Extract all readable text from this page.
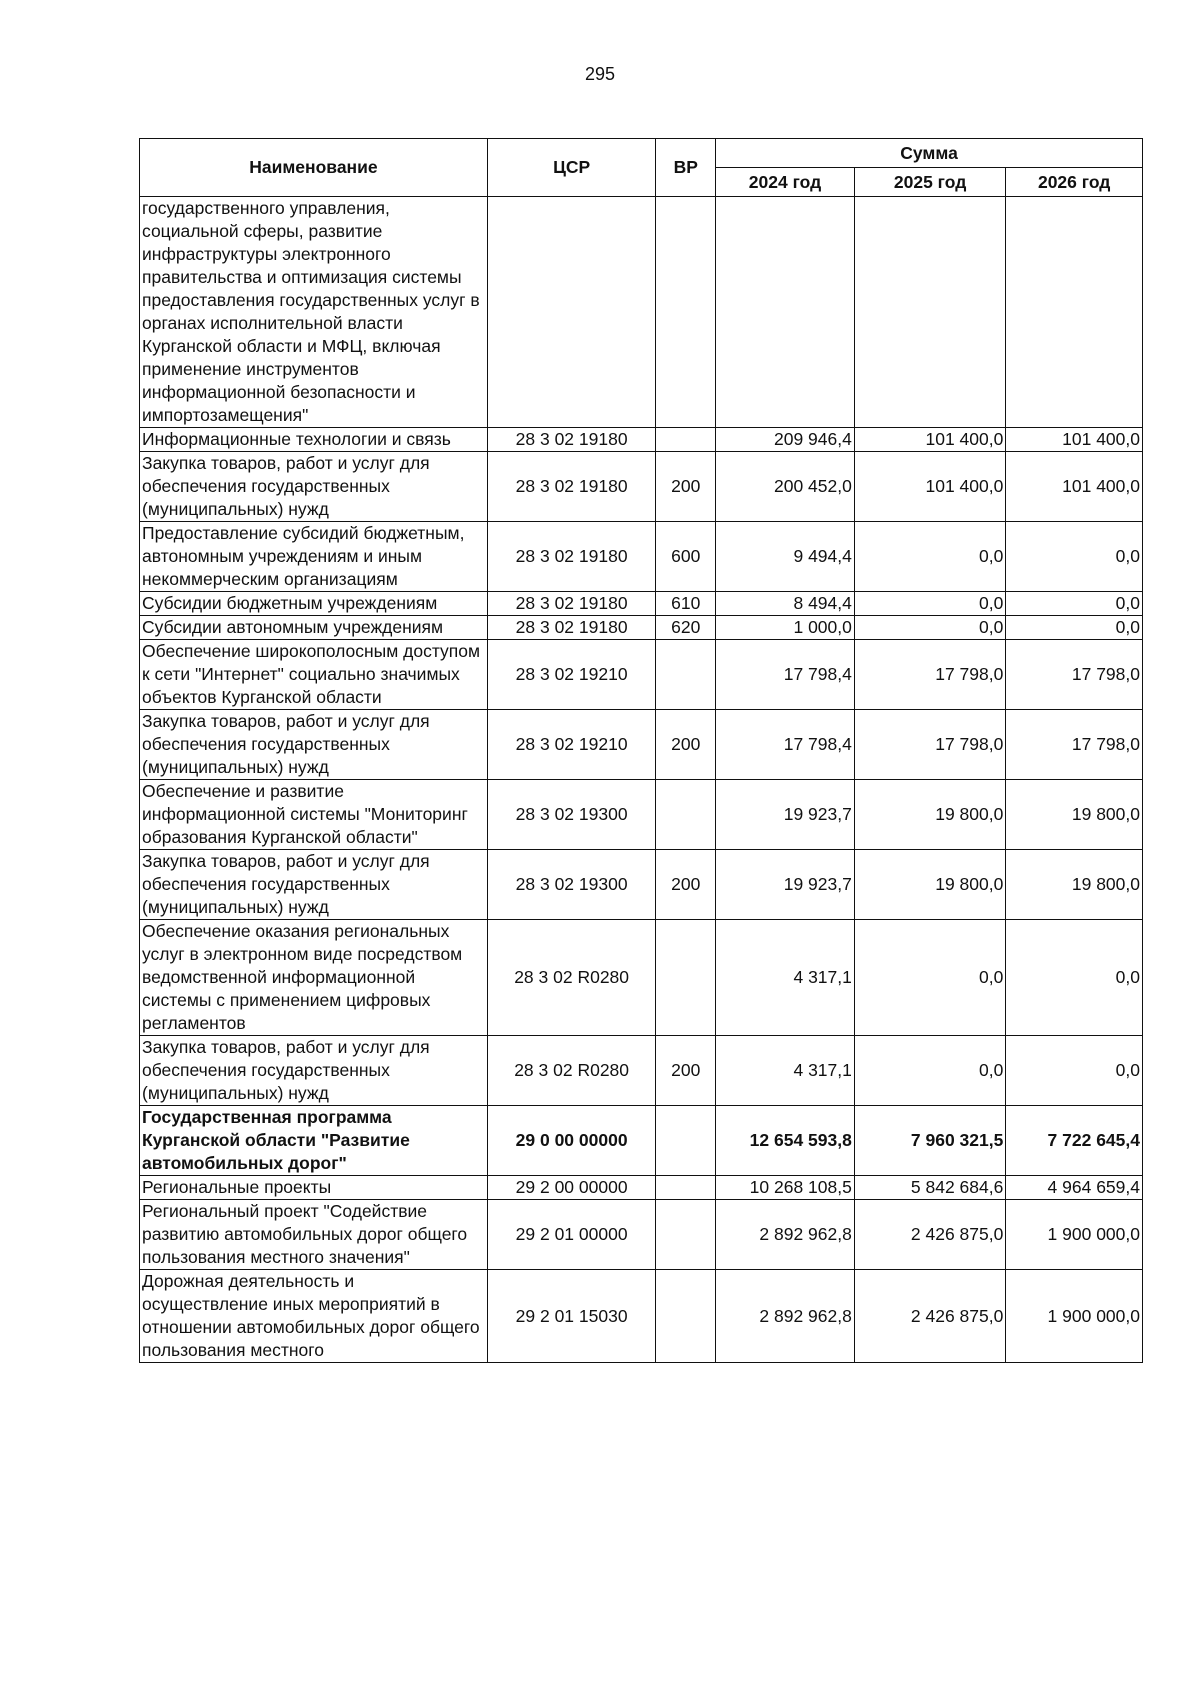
295
Наименование	ЦСР	ВР	Сумма		
			2024 год	2025 год	2026 год
государственного управления, социальной сферы, развитие инфраструктуры электронного правительства и оптимизация системы предоставления государственных услуг в органах исполнительной власти Курганской области и МФЦ, включая применение инструментов информационной безопасности и импортозамещения"					
Информационные технологии и связь	28 3 02 19180		209 946,4	101 400,0	101 400,0
Закупка товаров, работ и услуг для обеспечения государственных (муниципальных) нужд	28 3 02 19180	200	200 452,0	101 400,0	101 400,0
Предоставление субсидий бюджетным, автономным учреждениям и иным некоммерческим организациям	28 3 02 19180	600	9 494,4	0,0	0,0
Субсидии бюджетным учреждениям	28 3 02 19180	610	8 494,4	0,0	0,0
Субсидии автономным учреждениям	28 3 02 19180	620	1 000,0	0,0	0,0
Обеспечение широкополосным доступом к сети "Интернет" социально значимых объектов Курганской области	28 3 02 19210		17 798,4	17 798,0	17 798,0
Закупка товаров, работ и услуг для обеспечения государственных (муниципальных) нужд	28 3 02 19210	200	17 798,4	17 798,0	17 798,0
Обеспечение и развитие информационной системы "Мониторинг образования Курганской области"	28 3 02 19300		19 923,7	19 800,0	19 800,0
Закупка товаров, работ и услуг для обеспечения государственных (муниципальных) нужд	28 3 02 19300	200	19 923,7	19 800,0	19 800,0
Обеспечение оказания региональных услуг в электронном виде посредством ведомственной информационной системы с применением цифровых регламентов	28 3 02 R0280		4 317,1	0,0	0,0
Закупка товаров, работ и услуг для обеспечения государственных (муниципальных) нужд	28 3 02 R0280	200	4 317,1	0,0	0,0
Государственная программа Курганской области "Развитие автомобильных дорог"	29 0 00 00000		12 654 593,8	7 960 321,5	7 722 645,4
Региональные проекты	29 2 00 00000		10 268 108,5	5 842 684,6	4 964 659,4
Региональный проект "Содействие развитию автомобильных дорог общего пользования местного значения"	29 2 01 00000		2 892 962,8	2 426 875,0	1 900 000,0
Дорожная деятельность и осуществление иных мероприятий в отношении автомобильных дорог общего пользования местного	29 2 01 15030		2 892 962,8	2 426 875,0	1 900 000,0
